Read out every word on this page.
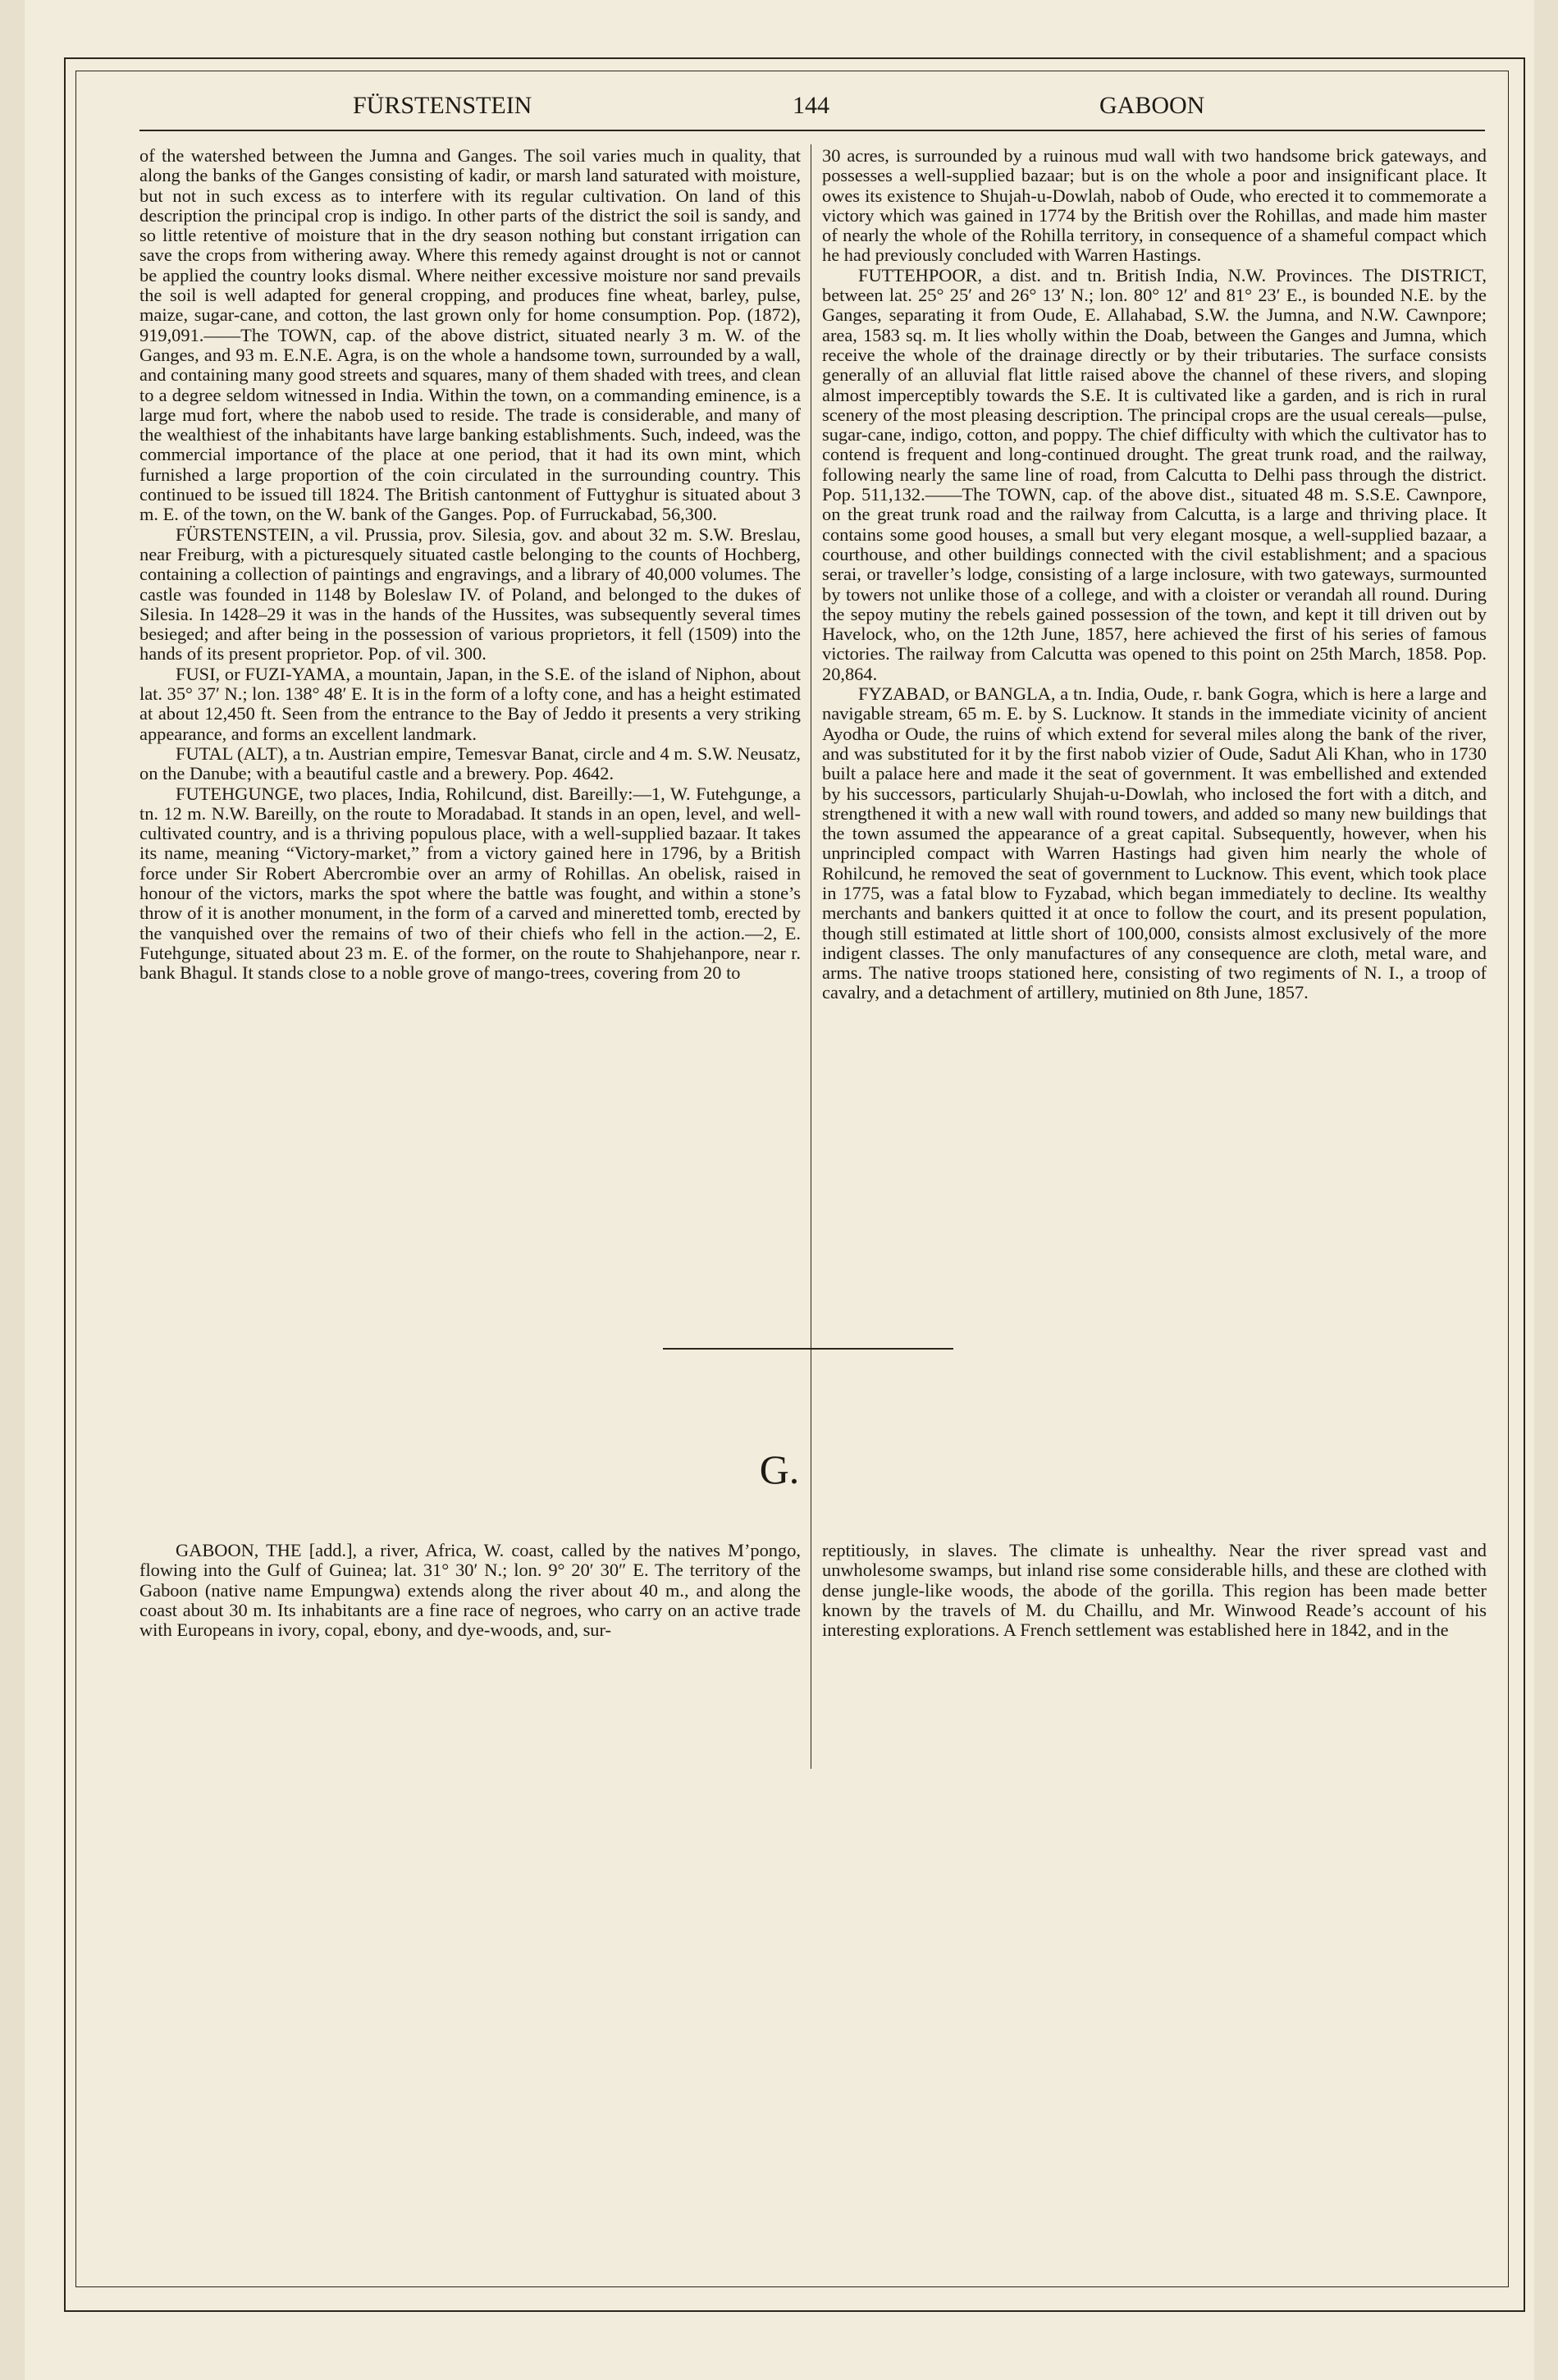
FÜRSTENSTEIN	144	GABOON

of the watershed between the Jumna and Ganges. The soil varies much in quality, that along the banks of the Ganges consisting of kadir, or marsh land saturated with moisture, but not in such excess as to interfere with its regular cultivation. On land of this description the principal crop is indigo. In other parts of the district the soil is sandy, and so little retentive of moisture that in the dry season nothing but constant irrigation can save the crops from withering away. Where this remedy against drought is not or cannot be applied the country looks dismal. Where neither excessive moisture nor sand prevails the soil is well adapted for general cropping, and produces fine wheat, barley, pulse, maize, sugar-cane, and cotton, the last grown only for home consumption. Pop. (1872), 919,091.——The TOWN, cap. of the above district, situated nearly 3 m. W. of the Ganges, and 93 m. E.N.E. Agra, is on the whole a handsome town, surrounded by a wall, and containing many good streets and squares, many of them shaded with trees, and clean to a degree seldom witnessed in India. Within the town, on a commanding eminence, is a large mud fort, where the nabob used to reside. The trade is considerable, and many of the wealthiest of the inhabitants have large banking establishments. Such, indeed, was the commercial importance of the place at one period, that it had its own mint, which furnished a large proportion of the coin circulated in the surrounding country. This continued to be issued till 1824. The British cantonment of Futtyghur is situated about 3 m. E. of the town, on the W. bank of the Ganges. Pop. of Furruckabad, 56,300.

FÜRSTENSTEIN, a vil. Prussia, prov. Silesia, gov. and about 32 m. S.W. Breslau, near Freiburg, with a picturesquely situated castle belonging to the counts of Hochberg, containing a collection of paintings and engravings, and a library of 40,000 volumes. The castle was founded in 1148 by Boleslaw IV. of Poland, and belonged to the dukes of Silesia. In 1428–29 it was in the hands of the Hussites, was subsequently several times besieged; and after being in the possession of various proprietors, it fell (1509) into the hands of its present proprietor. Pop. of vil. 300.

FUSI, or FUZI-YAMA, a mountain, Japan, in the S.E. of the island of Niphon, about lat. 35° 37′ N.; lon. 138° 48′ E. It is in the form of a lofty cone, and has a height estimated at about 12,450 ft. Seen from the entrance to the Bay of Jeddo it presents a very striking appearance, and forms an excellent landmark.

FUTAL (ALT), a tn. Austrian empire, Temesvar Banat, circle and 4 m. S.W. Neusatz, on the Danube; with a beautiful castle and a brewery. Pop. 4642.

FUTEHGUNGE, two places, India, Rohilcund, dist. Bareilly:—1, W. Futehgunge, a tn. 12 m. N.W. Bareilly, on the route to Moradabad. It stands in an open, level, and well-cultivated country, and is a thriving populous place, with a well-supplied bazaar. It takes its name, meaning “Victory-market,” from a victory gained here in 1796, by a British force under Sir Robert Abercrombie over an army of Rohillas. An obelisk, raised in honour of the victors, marks the spot where the battle was fought, and within a stone’s throw of it is another monument, in the form of a carved and mineretted tomb, erected by the vanquished over the remains of two of their chiefs who fell in the action.—2, E. Futehgunge, situated about 23 m. E. of the former, on the route to Shahjehanpore, near r. bank Bhagul. It stands close to a noble grove of mango-trees, covering from 20 to

30 acres, is surrounded by a ruinous mud wall with two handsome brick gateways, and possesses a well-supplied bazaar; but is on the whole a poor and insignificant place. It owes its existence to Shujah-u-Dowlah, nabob of Oude, who erected it to commemorate a victory which was gained in 1774 by the British over the Rohillas, and made him master of nearly the whole of the Rohilla territory, in consequence of a shameful compact which he had previously concluded with Warren Hastings.

FUTTEHPOOR, a dist. and tn. British India, N.W. Provinces. The DISTRICT, between lat. 25° 25′ and 26° 13′ N.; lon. 80° 12′ and 81° 23′ E., is bounded N.E. by the Ganges, separating it from Oude, E. Allahabad, S.W. the Jumna, and N.W. Cawnpore; area, 1583 sq. m. It lies wholly within the Doab, between the Ganges and Jumna, which receive the whole of the drainage directly or by their tributaries. The surface consists generally of an alluvial flat little raised above the channel of these rivers, and sloping almost imperceptibly towards the S.E. It is cultivated like a garden, and is rich in rural scenery of the most pleasing description. The principal crops are the usual cereals—pulse, sugar-cane, indigo, cotton, and poppy. The chief difficulty with which the cultivator has to contend is frequent and long-continued drought. The great trunk road, and the railway, following nearly the same line of road, from Calcutta to Delhi pass through the district. Pop. 511,132.——The TOWN, cap. of the above dist., situated 48 m. S.S.E. Cawnpore, on the great trunk road and the railway from Calcutta, is a large and thriving place. It contains some good houses, a small but very elegant mosque, a well-supplied bazaar, a courthouse, and other buildings connected with the civil establishment; and a spacious serai, or traveller’s lodge, consisting of a large inclosure, with two gateways, surmounted by towers not unlike those of a college, and with a cloister or verandah all round. During the sepoy mutiny the rebels gained possession of the town, and kept it till driven out by Havelock, who, on the 12th June, 1857, here achieved the first of his series of famous victories. The railway from Calcutta was opened to this point on 25th March, 1858. Pop. 20,864.

FYZABAD, or BANGLA, a tn. India, Oude, r. bank Gogra, which is here a large and navigable stream, 65 m. E. by S. Lucknow. It stands in the immediate vicinity of ancient Ayodha or Oude, the ruins of which extend for several miles along the bank of the river, and was substituted for it by the first nabob vizier of Oude, Sadut Ali Khan, who in 1730 built a palace here and made it the seat of government. It was embellished and extended by his successors, particularly Shujah-u-Dowlah, who inclosed the fort with a ditch, and strengthened it with a new wall with round towers, and added so many new buildings that the town assumed the appearance of a great capital. Subsequently, however, when his unprincipled compact with Warren Hastings had given him nearly the whole of Rohilcund, he removed the seat of government to Lucknow. This event, which took place in 1775, was a fatal blow to Fyzabad, which began immediately to decline. Its wealthy merchants and bankers quitted it at once to follow the court, and its present population, though still estimated at little short of 100,000, consists almost exclusively of the more indigent classes. The only manufactures of any consequence are cloth, metal ware, and arms. The native troops stationed here, consisting of two regiments of N. I., a troop of cavalry, and a detachment of artillery, mutinied on 8th June, 1857.

G.

GABOON, THE [add.], a river, Africa, W. coast, called by the natives M’pongo, flowing into the Gulf of Guinea; lat. 31° 30′ N.; lon. 9° 20′ 30″ E. The territory of the Gaboon (native name Empungwa) extends along the river about 40 m., and along the coast about 30 m. Its inhabitants are a fine race of negroes, who carry on an active trade with Europeans in ivory, copal, ebony, and dye-woods, and, sur-

reptitiously, in slaves. The climate is unhealthy. Near the river spread vast and unwholesome swamps, but inland rise some considerable hills, and these are clothed with dense jungle-like woods, the abode of the gorilla. This region has been made better known by the travels of M. du Chaillu, and Mr. Winwood Reade’s account of his interesting explorations. A French settlement was established here in 1842, and in the
